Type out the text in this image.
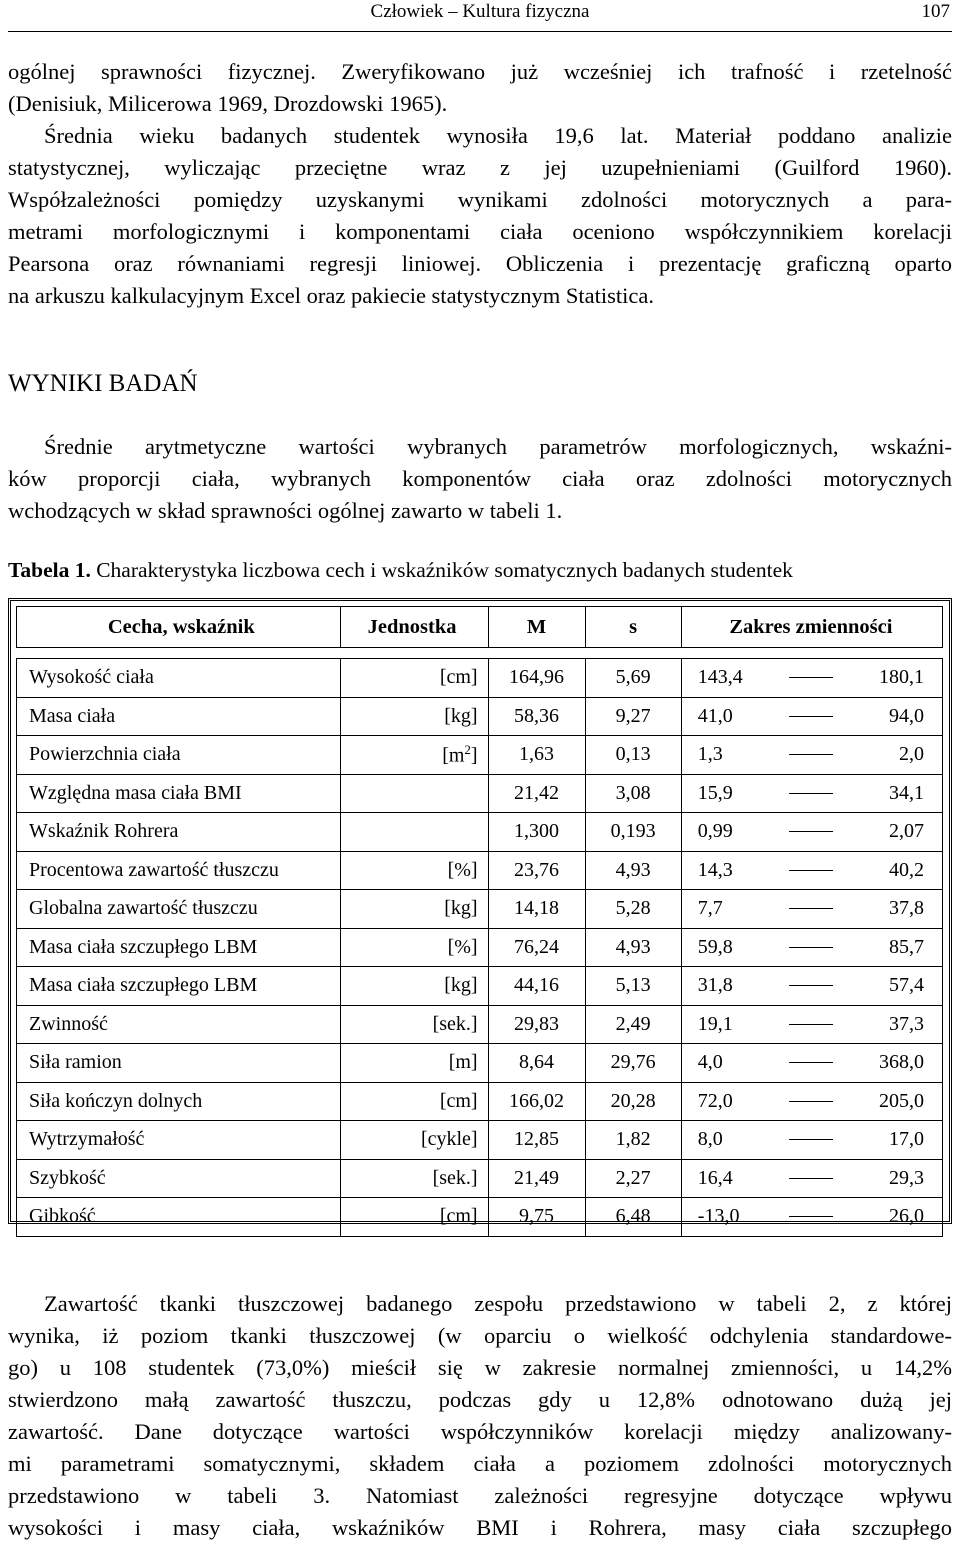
Człowiek – Kultura fizyczna	107
ogólnej sprawności fizycznej. Zweryfikowano już wcześniej ich trafność i rzetelność
(Denisiuk, Milicerowa 1969, Drozdowski 1965).
Średnia wieku badanych studentek wynosiła 19,6 lat. Materiał poddano analizie
statystycznej, wyliczając przeciętne wraz z jej uzupełnieniami (Guilford 1960).
Współzależności pomiędzy uzyskanymi wynikami zdolności motorycznych a para-
metrami morfologicznymi i komponentami ciała oceniono współczynnikiem korelacji
Pearsona oraz równaniami regresji liniowej. Obliczenia i prezentację graficzną oparto
na arkuszu kalkulacyjnym Excel oraz pakiecie statystycznym Statistica.
WYNIKI BADAŃ
Średnie arytmetyczne wartości wybranych parametrów morfologicznych, wskaźni-
ków proporcji ciała, wybranych komponentów ciała oraz zdolności motorycznych
wchodzących w skład sprawności ogólnej zawarto w tabeli 1.
Tabela 1. Charakterystyka liczbowa cech i wskaźników somatycznych badanych studentek
Cecha, wskaźnik	Jednostka	M	s	Zakres zmienności

Wysokość ciała	[cm]	164,96	5,69	143,4 180,1

Masa ciała	[kg]	58,36	9,27	41,0 94,0

Powierzchnia ciała	$[m^2]$	1,63	0,13	1,3 2,0

Względna masa ciała BMI		21,42	3,08	15,9 34,1

Wskaźnik Rohrera		1,300	0,193	0,99 2,07

Procentowa zawartość tłuszczu	[%]	23,76	4,93	14,3 40,2

Globalna zawartość tłuszczu	[kg]	14,18	5,28	7,7 37,8

Masa ciała szczupłego LBM	[%]	76,24	4,93	59,8 85,7

Masa ciała szczupłego LBM	[kg]	44,16	5,13	31,8 57,4

Zwinność	[sek.]	29,83	2,49	19,1 37,3

Siła ramion	[m]	8,64	29,76	4,0 368,0

Siła kończyn dolnych	[cm]	166,02	20,28	72,0 205,0

Wytrzymałość	[cykle]	12,85	1,82	8,0 17,0

Szybkość	[sek.]	21,49	2,27	16,4 29,3

Gibkość	[cm]	9,75	6,48	-13,0 26,0
Zawartość tkanki tłuszczowej badanego zespołu przedstawiono w tabeli 2, z której
wynika, iż poziom tkanki tłuszczowej (w oparciu o wielkość odchylenia standardowe-
go) u 108 studentek (73,0%) mieścił się w zakresie normalnej zmienności, u 14,2%
stwierdzono małą zawartość tłuszczu, podczas gdy u 12,8% odnotowano dużą jej
zawartość. Dane dotyczące wartości współczynników korelacji między analizowany-
mi parametrami somatycznymi, składem ciała a poziomem zdolności motorycznych
przedstawiono w tabeli 3. Natomiast zależności regresyjne dotyczące wpływu
wysokości i masy ciała, wskaźników BMI i Rohrera, masy ciała szczupłego
